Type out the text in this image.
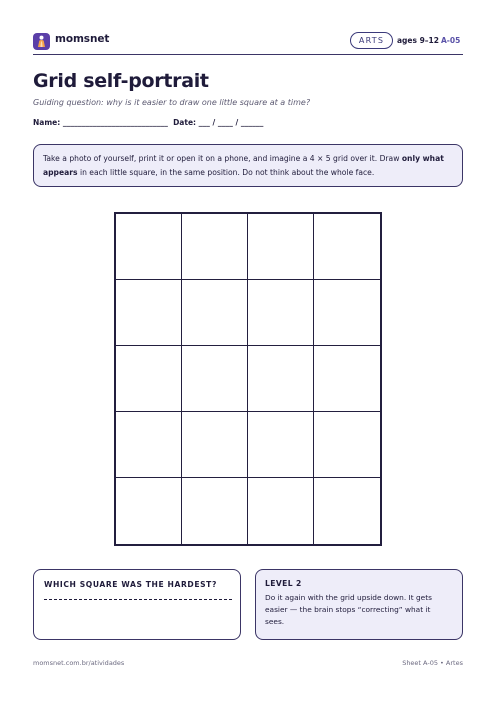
momsnet	ARTS	ages 9–12 A-05
Grid self-portrait
Guiding question: why is it easier to draw one little square at a time?
Name: ____________________________  Date: ___ / ____ / ______
Take a photo of yourself, print it or open it on a phone, and imagine a 4 × 5 grid over it. Draw only what appears in each little square, in the same position. Do not think about the whole face.
WHICH SQUARE WAS THE HARDEST?	LEVEL 2
Do it again with the grid upside down. It gets easier — the brain stops “correcting” what it sees.
momsnet.com.br/atividades	Sheet A-05 • Artes
